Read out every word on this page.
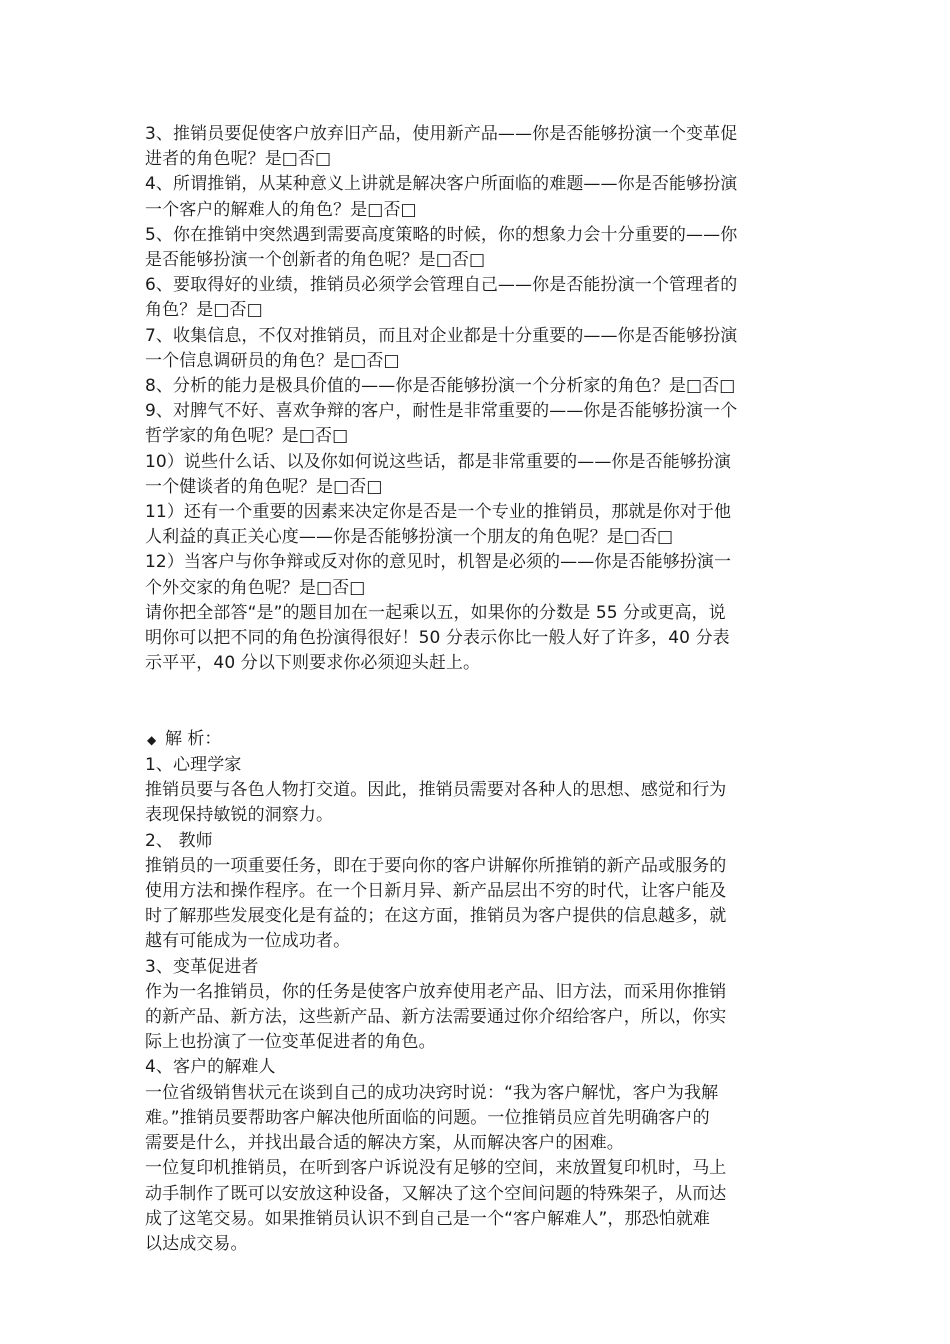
3、推销员要促使客户放弃旧产品，使用新产品——你是否能够扮演一个变革促
进者的角色呢？是□否□
4、所谓推销，从某种意义上讲就是解决客户所面临的难题——你是否能够扮演
一个客户的解难人的角色？是□否□
5、你在推销中突然遇到需要高度策略的时候，你的想象力会十分重要的——你
是否能够扮演一个创新者的角色呢？是□否□
6、要取得好的业绩，推销员必须学会管理自己——你是否能扮演一个管理者的
角色？是□否□
7、收集信息，不仅对推销员，而且对企业都是十分重要的——你是否能够扮演
一个信息调研员的角色？是□否□
8、分析的能力是极具价值的——你是否能够扮演一个分析家的角色？是□否□
9、对脾气不好、喜欢争辩的客户，耐性是非常重要的——你是否能够扮演一个
哲学家的角色呢？是□否□
10）说些什么话、以及你如何说这些话，都是非常重要的——你是否能够扮演
一个健谈者的角色呢？是□否□
11）还有一个重要的因素来决定你是否是一个专业的推销员，那就是你对于他
人利益的真正关心度——你是否能够扮演一个朋友的角色呢？是□否□
12）当客户与你争辩或反对你的意见时，机智是必须的——你是否能够扮演一
个外交家的角色呢？是□否□
请你把全部答“是”的题目加在一起乘以五，如果你的分数是 55 分或更高，说
明你可以把不同的角色扮演得很好！50 分表示你比一般人好了许多，40 分表
示平平，40 分以下则要求你必须迎头赶上。
◆ 解 析：
1、心理学家
推销员要与各色人物打交道。因此，推销员需要对各种人的思想、感觉和行为
表现保持敏锐的洞察力。
2、 教师
推销员的一项重要任务，即在于要向你的客户讲解你所推销的新产品或服务的
使用方法和操作程序。在一个日新月异、新产品层出不穷的时代，让客户能及
时了解那些发展变化是有益的；在这方面，推销员为客户提供的信息越多，就
越有可能成为一位成功者。
3、变革促进者
作为一名推销员，你的任务是使客户放弃使用老产品、旧方法，而采用你推销
的新产品、新方法，这些新产品、新方法需要通过你介绍给客户，所以，你实
际上也扮演了一位变革促进者的角色。
4、客户的解难人
一位省级销售状元在谈到自己的成功决窍时说：“我为客户解忧，客户为我解
难。”推销员要帮助客户解决他所面临的问题。一位推销员应首先明确客户的
需要是什么，并找出最合适的解决方案，从而解决客户的困难。
一位复印机推销员，在听到客户诉说没有足够的空间，来放置复印机时，马上
动手制作了既可以安放这种设备，又解决了这个空间问题的特殊架子，从而达
成了这笔交易。如果推销员认识不到自己是一个“客户解难人”，那恐怕就难
以达成交易。
